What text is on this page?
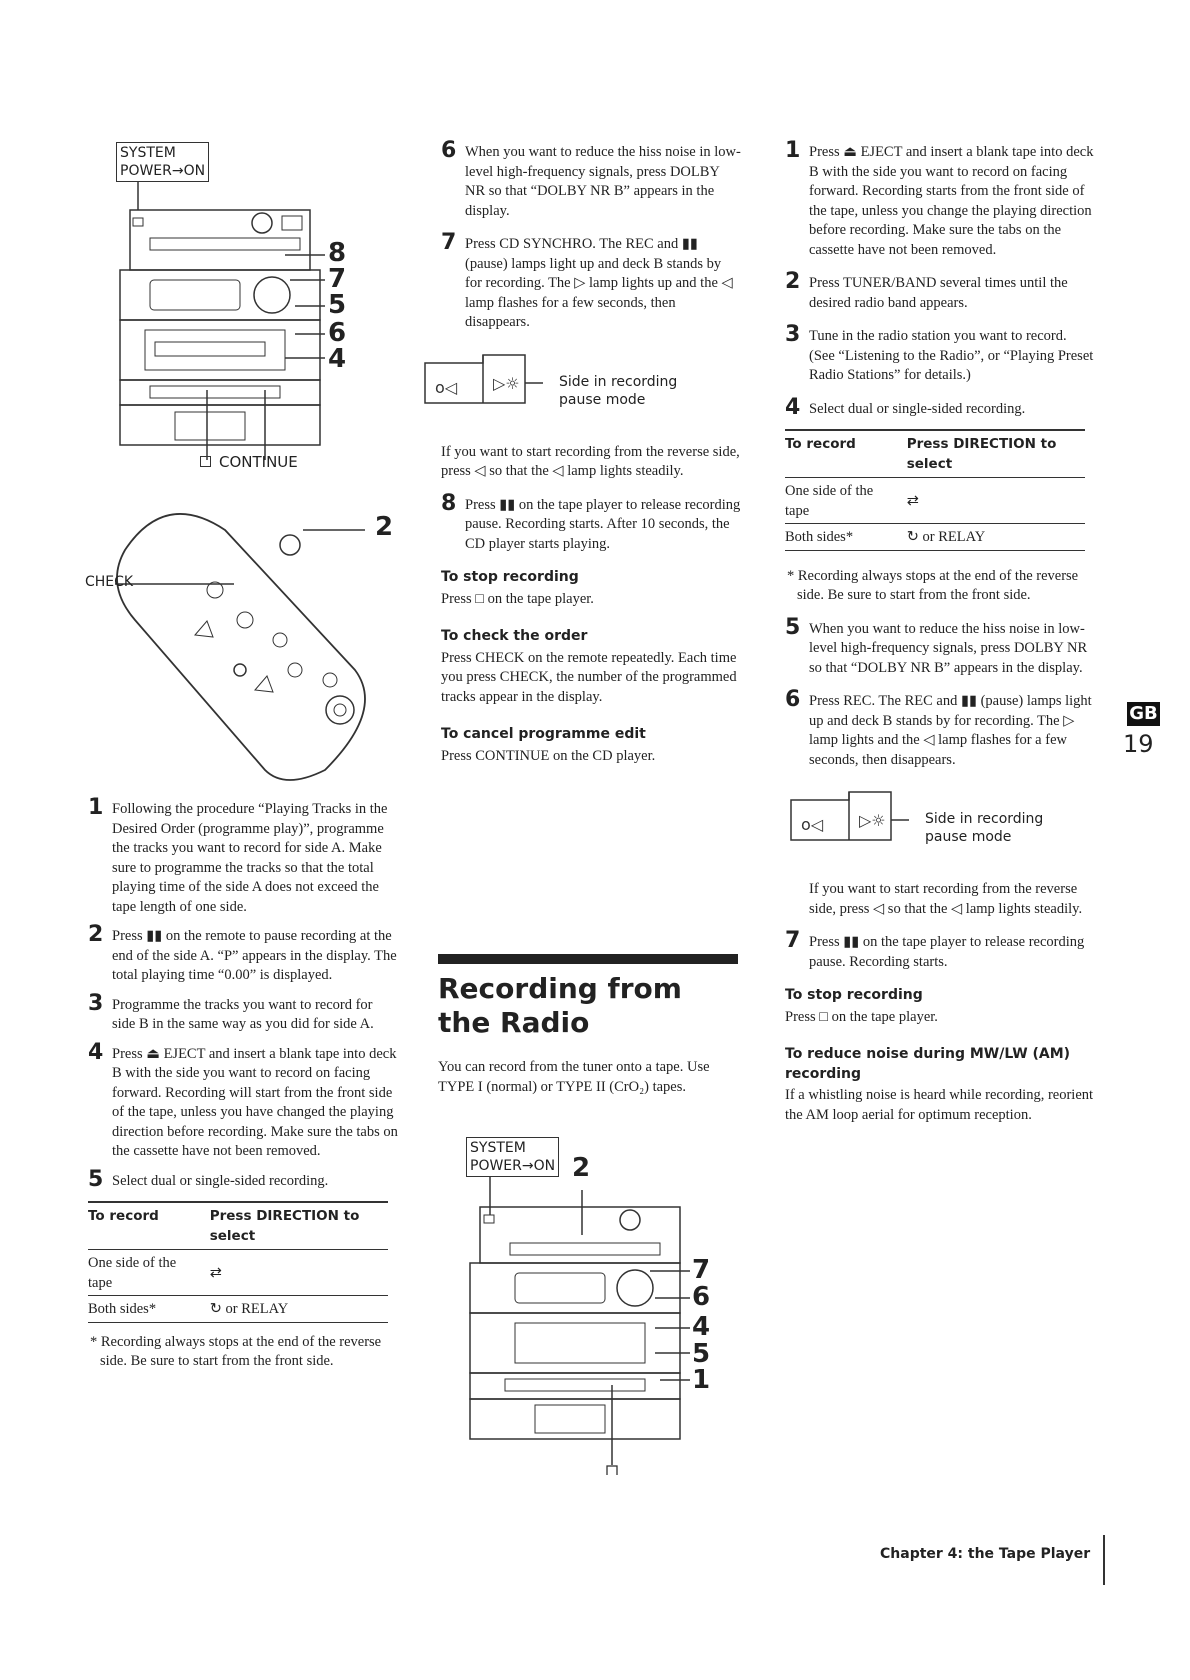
SYSTEM
POWER→ON
8
7
5
6
4
CONTINUE
CHECK
2
1 Following the procedure “Playing Tracks in the Desired Order (programme play)”, programme the tracks you want to record for side A. Make sure to programme the tracks so that the total playing time of the side A does not exceed the tape length of one side.

2 Press ▮▮ on the remote to pause recording at the end of the side A. “P” appears in the display. The total playing time “0.00” is displayed.

3 Programme the tracks you want to record for side B in the same way as you did for side A.

4 Press ⏏ EJECT and insert a blank tape into deck B with the side you want to record on facing forward. Recording will start from the front side of the tape, unless you have changed the playing direction before recording. Make sure the tabs on the cassette have not been removed.

5 Select dual or single-sided recording.

To record	Press DIRECTION to select
One side of the tape	⇄
Both sides*	↻ or RELAY

* Recording always stops at the end of the reverse side. Be sure to start from the front side.

6 When you want to reduce the hiss noise in low-level high-frequency signals, press DOLBY NR so that “DOLBY NR B” appears in the display.

7 Press CD SYNCHRO. The REC and ▮▮ (pause) lamps light up and deck B stands by for recording. The ▷ lamp lights up and the ◁ lamp flashes for a few seconds, then disappears.

o◁ ▷☼	Side in recording
pause mode

If you want to start recording from the reverse side, press ◁ so that the ◁ lamp lights steadily.

8 Press ▮▮ on the tape player to release recording pause. Recording starts. After 10 seconds, the CD player starts playing.

To stop recording

Press □ on the tape player.

To check the order

Press CHECK on the remote repeatedly. Each time you press CHECK, the number of the programmed tracks appear in the display.

To cancel programme edit

Press CONTINUE on the CD player.

Recording from the Radio

You can record from the tuner onto a tape. Use TYPE I (normal) or TYPE II (CrO₂) tapes.

SYSTEM
POWER→ON 2
7
6
4
5
1
1 Press ⏏ EJECT and insert a blank tape into deck B with the side you want to record on facing forward. Recording starts from the front side of the tape, unless you change the playing direction before recording. Make sure the tabs on the cassette have not been removed.

2 Press TUNER/BAND several times until the desired radio band appears.

3 Tune in the radio station you want to record. (See “Listening to the Radio”, or “Playing Preset Radio Stations” for details.)

4 Select dual or single-sided recording.

To record	Press DIRECTION to select
One side of the tape	⇄
Both sides*	↻ or RELAY

* Recording always stops at the end of the reverse side. Be sure to start from the front side.

5 When you want to reduce the hiss noise in low-level high-frequency signals, press DOLBY NR so that “DOLBY NR B” appears in the display.

6 Press REC. The REC and ▮▮ (pause) lamps light up and deck B stands by for recording. The ▷ lamp lights and the ◁ lamp flashes for a few seconds, then disappears.

o◁ ▷☼	Side in recording
pause mode

If you want to start recording from the reverse side, press ◁ so that the ◁ lamp lights steadily.

7 Press ▮▮ on the tape player to release recording pause. Recording starts.

To stop recording

Press □ on the tape player.

To reduce noise during MW/LW (AM) recording

If a whistling noise is heard while recording, reorient the AM loop aerial for optimum reception.

GB
19
Chapter 4: the Tape Player
